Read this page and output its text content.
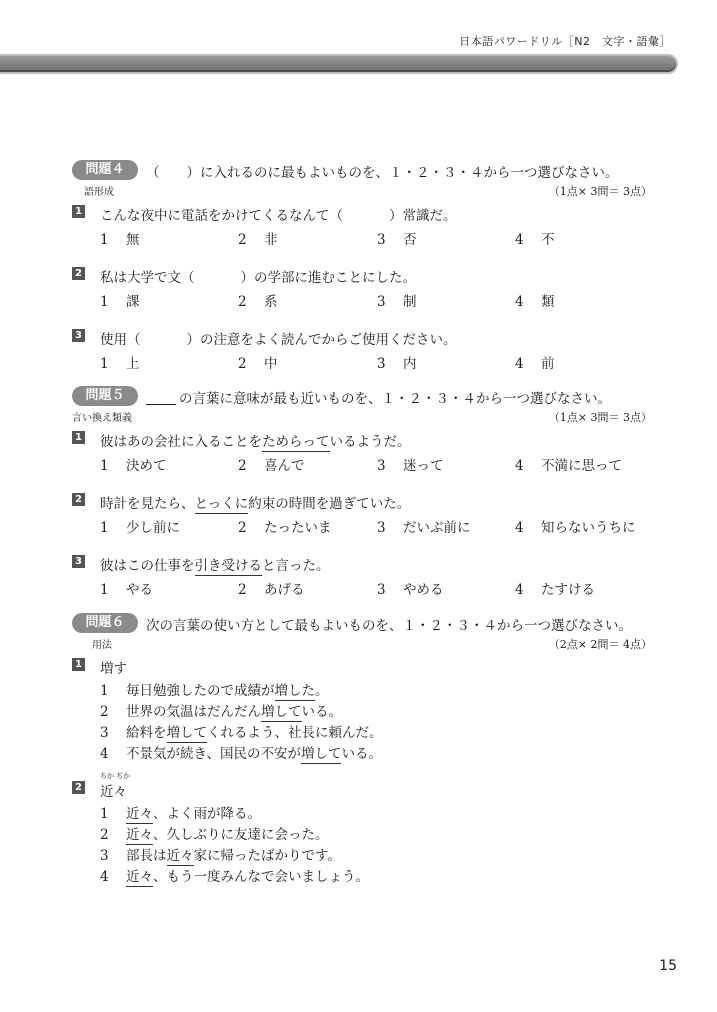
日本語パワードリル［N2　文字・語彙］
問題４	（　　）に入れるのに最もよいものを、１・２・３・４から一つ選びなさい。
語形成	（1点× 3問＝ 3点）
1 こんな夜中に電話をかけてくるなんて（	）常識だ。
1 無	2 非	3 否	4 不
2 私は大学で文（	）の学部に進むことにした。
1 課	2 系	3 制	4 類
3 使用（	）の注意をよく読んでからご使用ください。
1 上	2 中	3 内	4 前
問題５	の言葉に意味が最も近いものを、１・２・３・４から一つ選びなさい。
言い換え類義	（1点× 3問＝ 3点）
1 彼はあの会社に入ることをためらっているようだ。
1 決めて	2 喜んで	3 迷って	4 不満に思って
2 時計を見たら、とっくに約束の時間を過ぎていた。
1 少し前に	2 たったいま	3 だいぶ前に	4 知らないうちに
3 彼はこの仕事を引き受けると言った。
1 やる	2 あげる	3 やめる	4 たすける
問題６	次の言葉の使い方として最もよいものを、１・２・３・４から一つ選びなさい。
用法	（2点× 2問＝ 4点）
1 増す
1 毎日勉強したので成績が増した。
2 世界の気温はだんだん増している。
3 給料を増してくれるよう、社長に頼んだ。
4 不景気が続き、国民の不安が増している。
2
ちか ぢか
近々
1 近々、よく雨が降る。
2 近々、久しぶりに友達に会った。
3 部長は近々家に帰ったばかりです。
4 近々、もう一度みんなで会いましょう。
15
